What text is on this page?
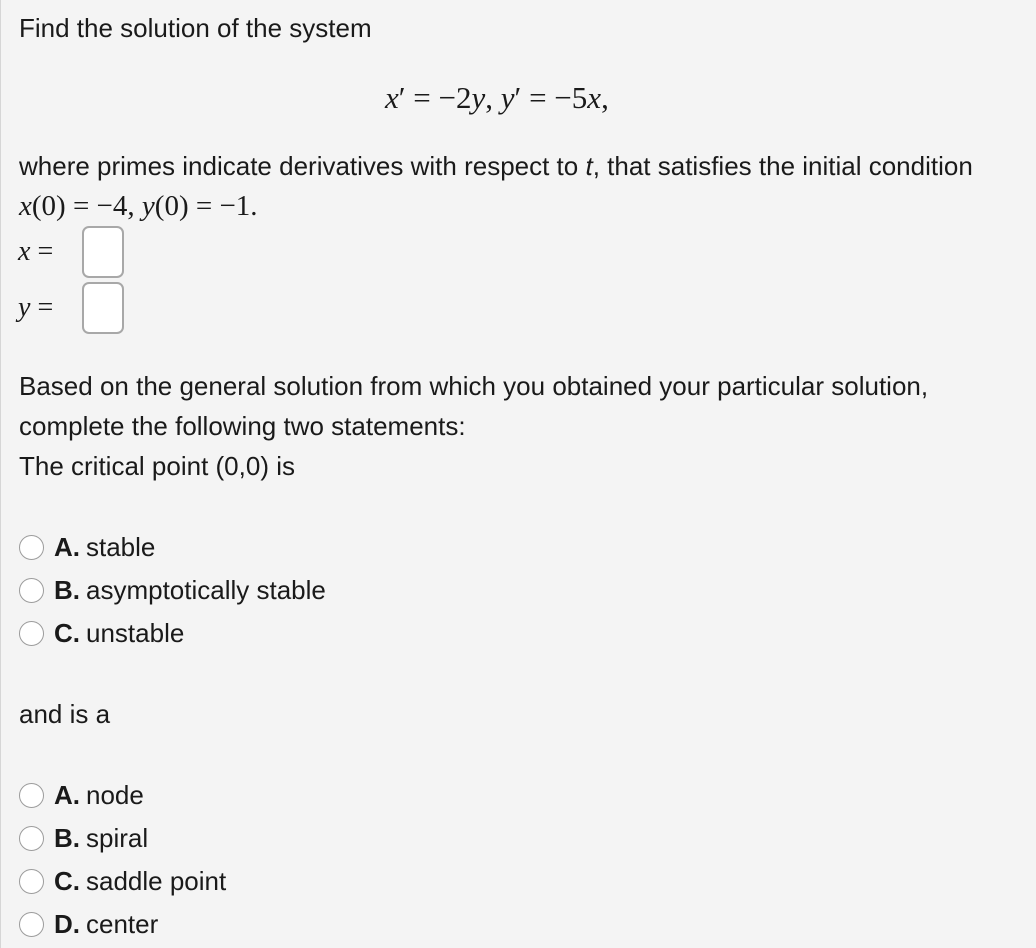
Find the solution of the system
x′ = −2y, y′ = −5x,
where primes indicate derivatives with respect to t, that satisfies the initial condition x(0) = −4, y(0) = −1.
x =
y =

Based on the general solution from which you obtained your particular solution, complete the following two statements:

The critical point (0,0) is

A. stable
B. asymptotically stable
C. unstable
and is a
A. node
B. spiral
C. saddle point
D. center
